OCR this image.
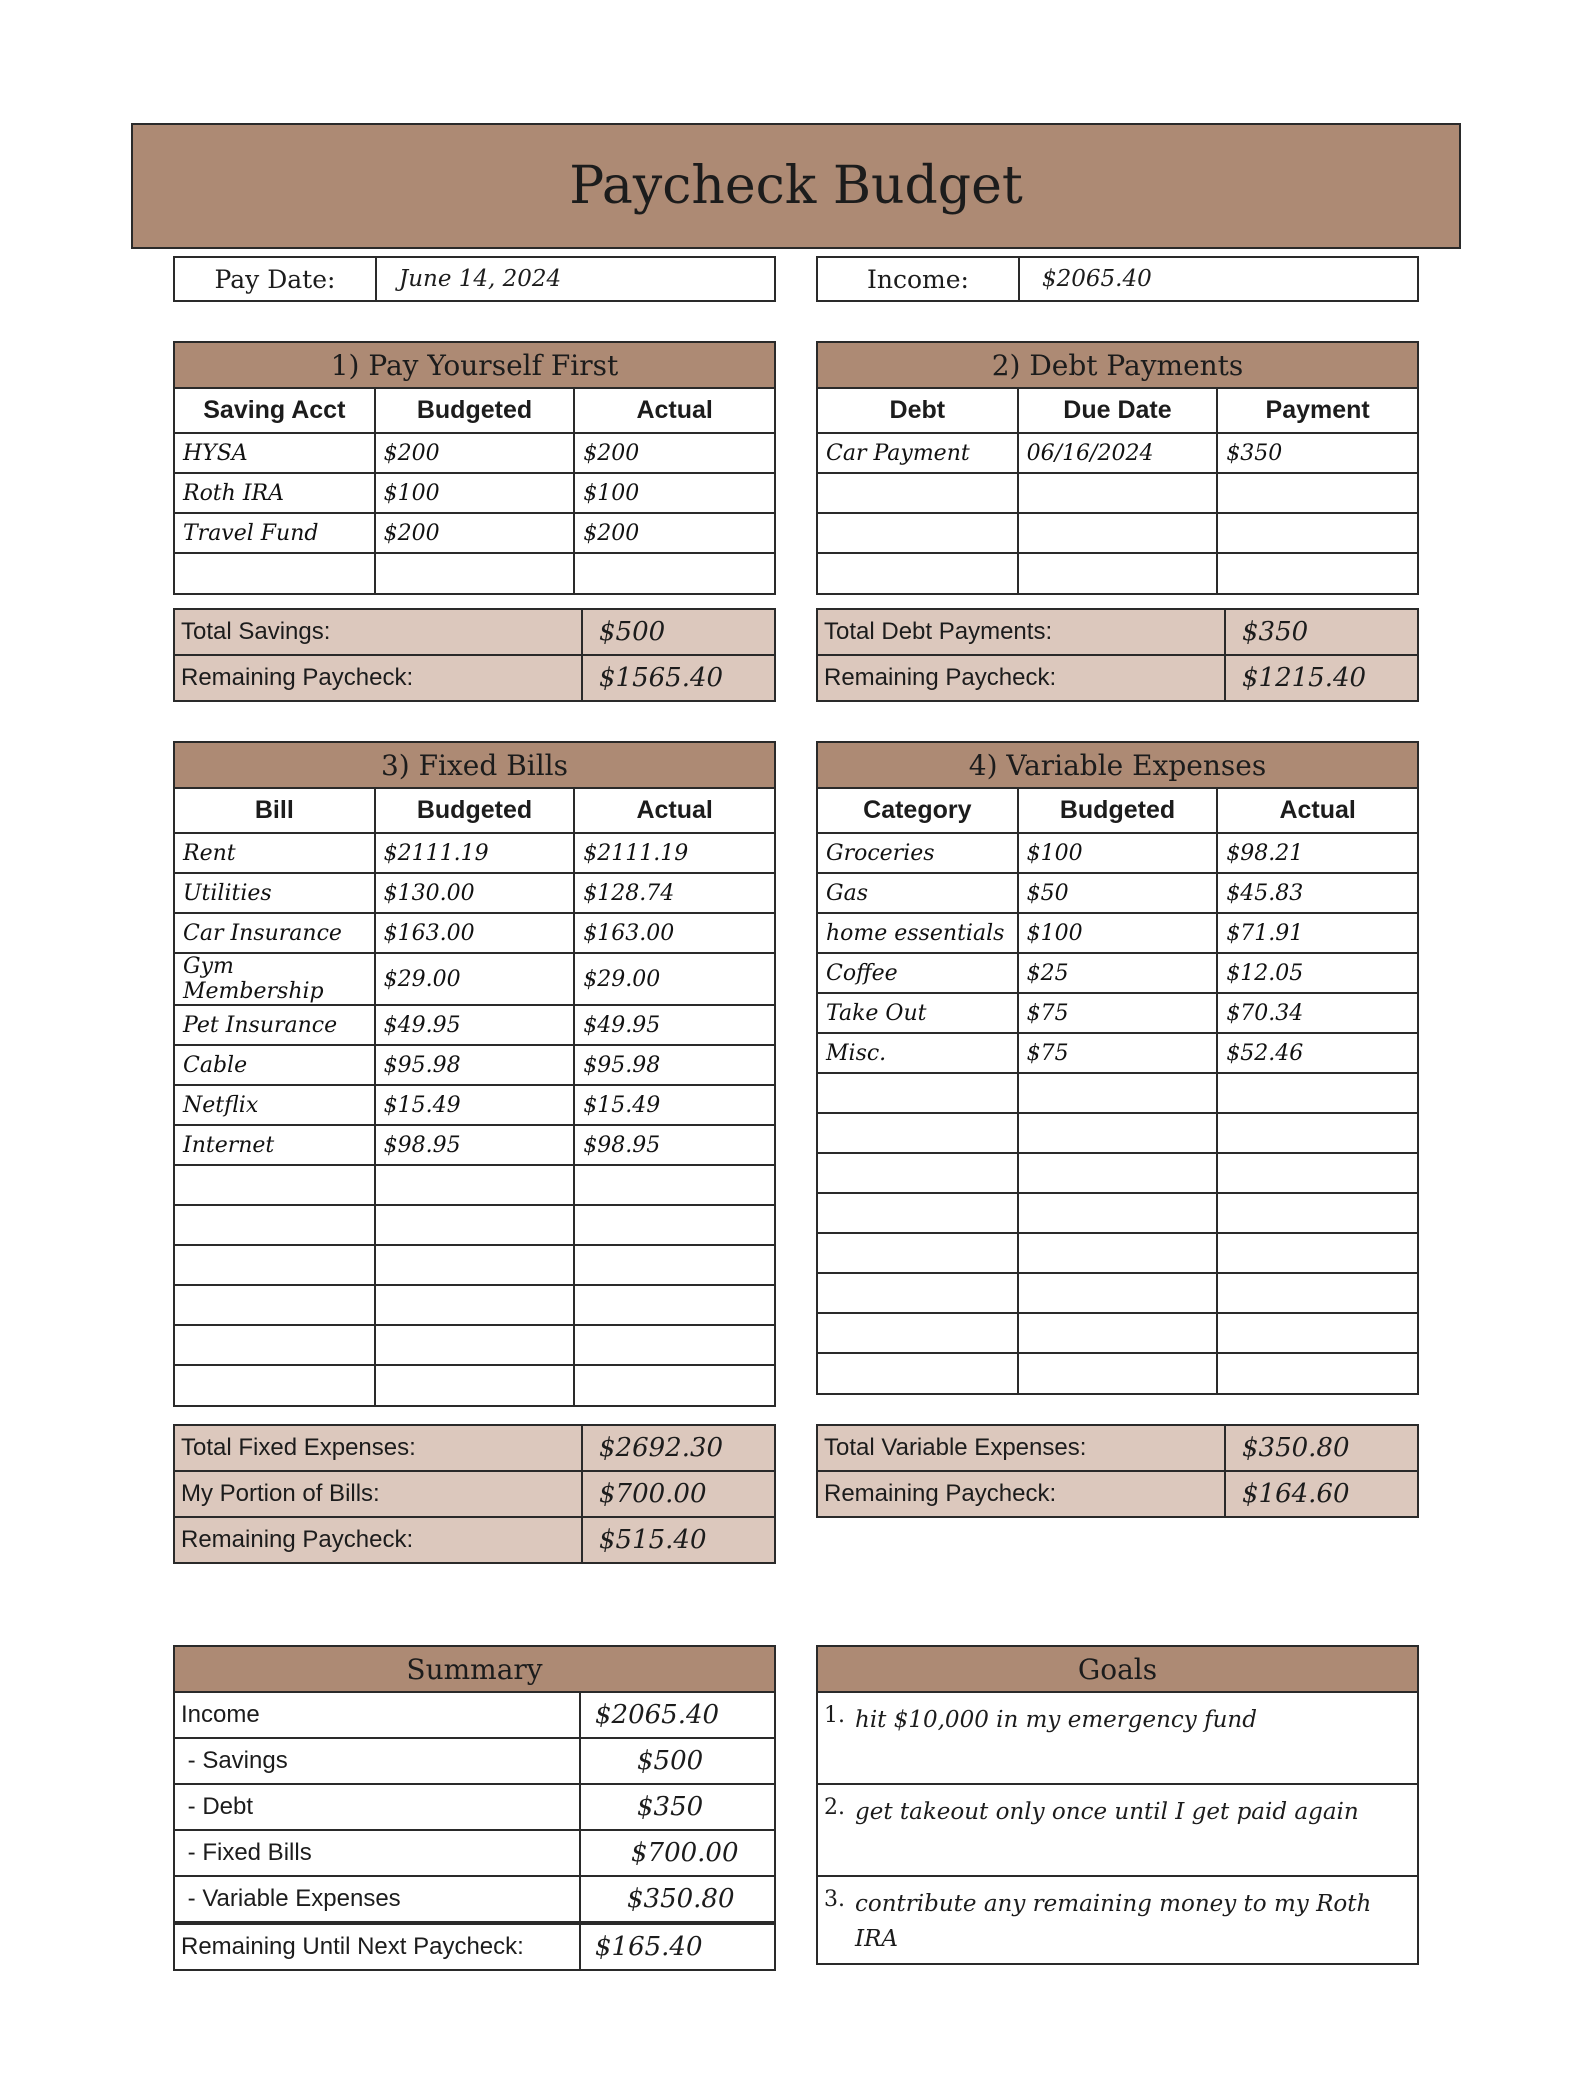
Paycheck Budget
Pay Date:	June 14, 2024	Income:	$2065.40
1) Pay Yourself First
Saving Acct	Budgeted	Actual
HYSA	$200	$200
Roth IRA	$100	$100
Travel Fund	$200	$200

Total Savings:	$500
Remaining Paycheck:	$1565.40
2) Debt Payments
Debt	Due Date	Payment
Car Payment	06/16/2024	$350

Total Debt Payments:	$350
Remaining Paycheck:	$1215.40
3) Fixed Bills
Bill	Budgeted	Actual
Rent	$2111.19	$2111.19
Utilities	$130.00	$128.74
Car Insurance	$163.00	$163.00
Gym Membership	$29.00	$29.00
Pet Insurance	$49.95	$49.95
Cable	$95.98	$95.98
Netflix	$15.49	$15.49
Internet	$98.95	$98.95

Total Fixed Expenses:	$2692.30
My Portion of Bills:	$700.00
Remaining Paycheck:	$515.40
4) Variable Expenses
Category	Budgeted	Actual
Groceries	$100	$98.21
Gas	$50	$45.83
home essentials	$100	$71.91
Coffee	$25	$12.05
Take Out	$75	$70.34
Misc.	$75	$52.46

Total Variable Expenses:	$350.80
Remaining Paycheck:	$164.60
Summary
Income	$2065.40
- Savings	$500
- Debt	$350
- Fixed Bills	$700.00
- Variable Expenses	$350.80
Remaining Until Next Paycheck:	$165.40
Goals
1. hit $10,000 in my emergency fund
2. get takeout only once until I get paid again
3. contribute any remaining money to my Roth IRA
